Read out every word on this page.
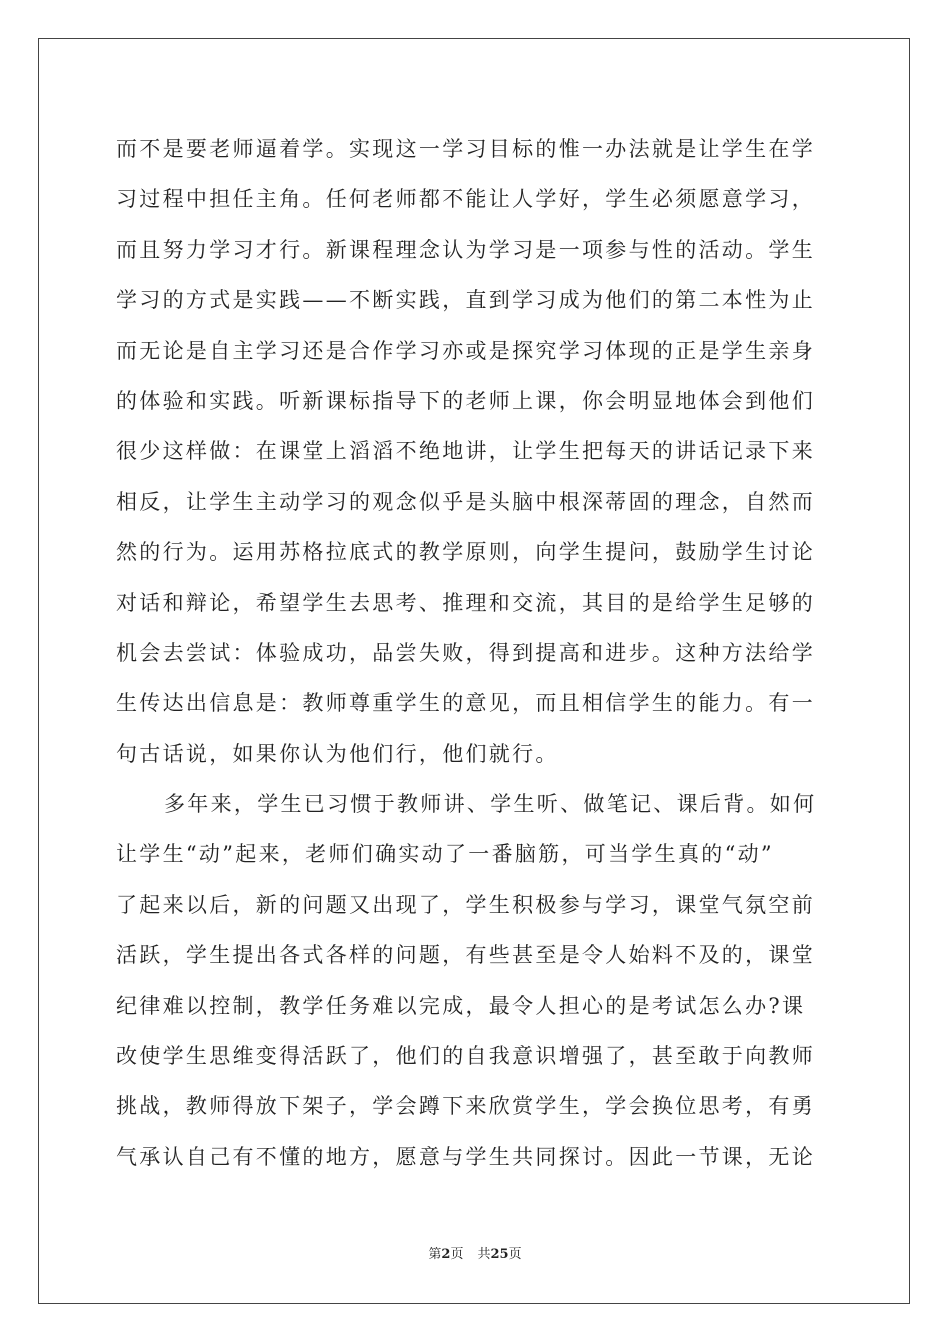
而不是要老师逼着学。实现这一学习目标的惟一办法就是让学生在学
习过程中担任主角。任何老师都不能让人学好，学生必须愿意学习，
而且努力学习才行。新课程理念认为学习是一项参与性的活动。学生
学习的方式是实践——不断实践，直到学习成为他们的第二本性为止
而无论是自主学习还是合作学习亦或是探究学习体现的正是学生亲身
的体验和实践。听新课标指导下的老师上课，你会明显地体会到他们
很少这样做：在课堂上滔滔不绝地讲，让学生把每天的讲话记录下来
相反，让学生主动学习的观念似乎是头脑中根深蒂固的理念，自然而
然的行为。运用苏格拉底式的教学原则，向学生提问，鼓励学生讨论
对话和辩论，希望学生去思考、推理和交流，其目的是给学生足够的
机会去尝试：体验成功，品尝失败，得到提高和进步。这种方法给学
生传达出信息是：教师尊重学生的意见，而且相信学生的能力。有一
句古话说，如果你认为他们行，他们就行。
多年来，学生已习惯于教师讲、学生听、做笔记、课后背。如何
让学生“动”起来，老师们确实动了一番脑筋，可当学生真的“动”
了起来以后，新的问题又出现了，学生积极参与学习，课堂气氛空前
活跃，学生提出各式各样的问题，有些甚至是令人始料不及的，课堂
纪律难以控制，教学任务难以完成，最令人担心的是考试怎么办?课
改使学生思维变得活跃了，他们的自我意识增强了，甚至敢于向教师
挑战，教师得放下架子，学会蹲下来欣赏学生，学会换位思考，有勇
气承认自己有不懂的地方，愿意与学生共同探讨。因此一节课，无论
第2页 共25页
